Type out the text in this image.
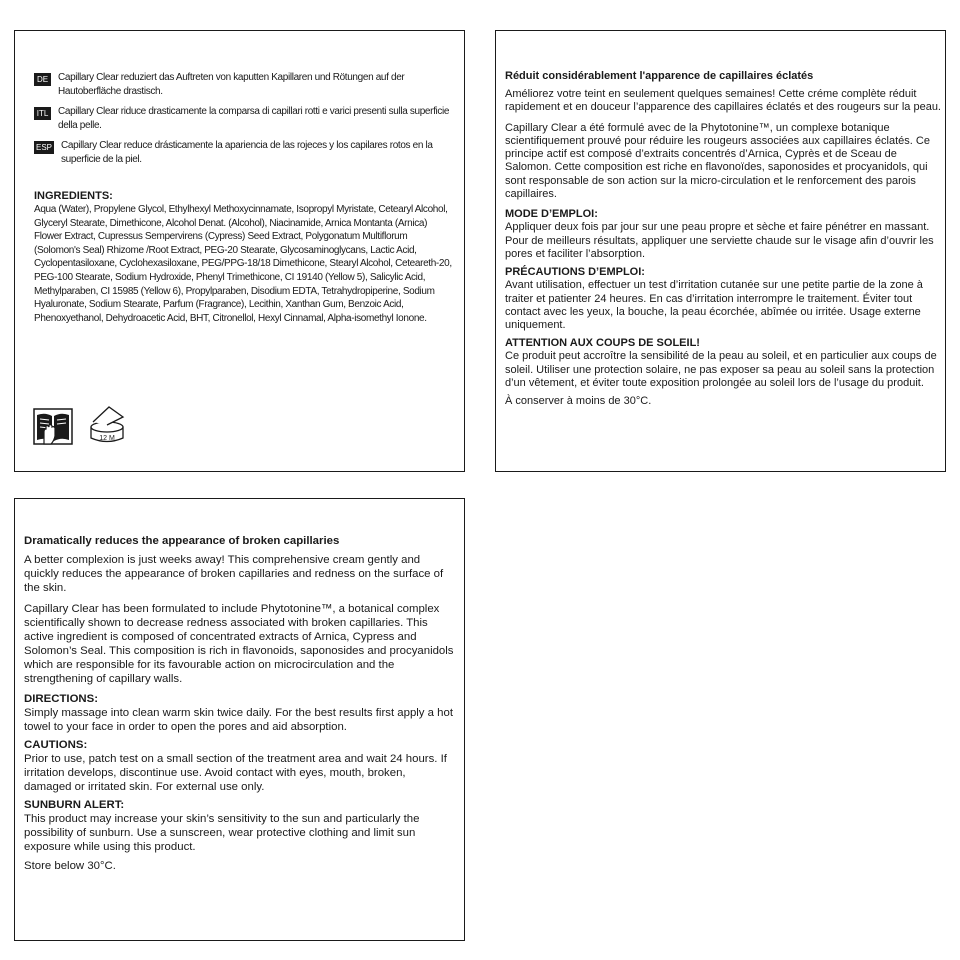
DE Capillary Clear reduziert das Auftreten von kaputten Kapillaren und Rötungen auf der Hautoberfläche drastisch.
ITL Capillary Clear riduce drasticamente la comparsa di capillari rotti e varici presenti sulla superficie della pelle.
ESP Capillary Clear reduce drásticamente la apariencia de las rojeces y los capilares rotos en la superficie de la piel.
INGREDIENTS:
Aqua (Water), Propylene Glycol, Ethylhexyl Methoxycinnamate, Isopropyl Myristate, Cetearyl Alcohol, Glyceryl Stearate, Dimethicone, Alcohol Denat. (Alcohol), Niacinamide, Arnica Montanta (Arnica) Flower Extract, Cupressus Sempervirens (Cypress) Seed Extract, Polygonatum Multiflorum (Solomon's Seal) Rhizome /Root Extract, PEG-20 Stearate, Glycosaminoglycans, Lactic Acid, Cyclopentasiloxane, Cyclohexasiloxane, PEG/PPG-18/18 Dimethicone, Stearyl Alcohol, Ceteareth-20, PEG-100 Stearate, Sodium Hydroxide, Phenyl Trimethicone, CI 19140 (Yellow 5), Salicylic Acid, Methylparaben, CI 15985 (Yellow 6), Propylparaben, Disodium EDTA, Tetrahydropiperine, Sodium Hyaluronate, Sodium Stearate, Parfum (Fragrance), Lecithin, Xanthan Gum, Benzoic Acid, Phenoxyethanol, Dehydroacetic Acid, BHT, Citronellol, Hexyl Cinnamal, Alpha-isomethyl Ionone.
12 M
Réduit considérablement l'apparence de capillaires éclatés

Améliorez votre teint en seulement quelques semaines! Cette créme complète réduit rapidement et en douceur l’apparence des capillaires éclatés et des rougeurs sur la peau.

Capillary Clear a été formulé avec de la Phytotonine™, un complexe botanique scientifiquement prouvé pour réduire les rougeurs associées aux capillaires éclatés. Ce principe actif est composé d’extraits concentrés d’Arnica, Cyprès et de Sceau de Salomon. Cette composition est riche en flavonoïdes, saponosides et procyanidols, qui sont responsable de son action sur la micro-circulation et le renforcement des parois capillaires.

MODE D’EMPLOI:

Appliquer deux fois par jour sur une peau propre et sèche et faire pénétrer en massant. Pour de meilleurs résultats, appliquer une serviette chaude sur le visage afin d’ouvrir les pores et faciliter l’absorption.

PRÉCAUTIONS D’EMPLOI:

Avant utilisation, effectuer un test d’irritation cutanée sur une petite partie de la zone à traiter et patienter 24 heures. En cas d’irritation interrompre le traitement. Éviter tout contact avec les yeux, la bouche, la peau écorchée, abîmée ou irritée. Usage externe uniquement.

ATTENTION AUX COUPS DE SOLEIL!

Ce produit peut accroître la sensibilité de la peau au soleil, et en particulier aux coups de soleil. Utiliser une protection solaire, ne pas exposer sa peau au soleil sans la protection d’un vêtement, et éviter toute exposition prolongée au soleil lors de l’usage du produit.

À conserver à moins de 30°C.

Dramatically reduces the appearance of broken capillaries

A better complexion is just weeks away! This comprehensive cream gently and quickly reduces the appearance of broken capillaries and redness on the surface of the skin.

Capillary Clear has been formulated to include Phytotonine™, a botanical complex scientifically shown to decrease redness associated with broken capillaries. This active ingredient is composed of concentrated extracts of Arnica, Cypress and Solomon’s Seal. This composition is rich in flavonoids, saponosides and procyanidols which are responsible for its favourable action on microcirculation and the strengthening of capillary walls.

DIRECTIONS:

Simply massage into clean warm skin twice daily. For the best results first apply a hot towel to your face in order to open the pores and aid absorption.

CAUTIONS:

Prior to use, patch test on a small section of the treatment area and wait 24 hours. If irritation develops, discontinue use. Avoid contact with eyes, mouth, broken, damaged or irritated skin. For external use only.

SUNBURN ALERT:

This product may increase your skin’s sensitivity to the sun and particularly the possibility of sunburn. Use a sunscreen, wear protective clothing and limit sun exposure while using this product.

Store below 30°C.
